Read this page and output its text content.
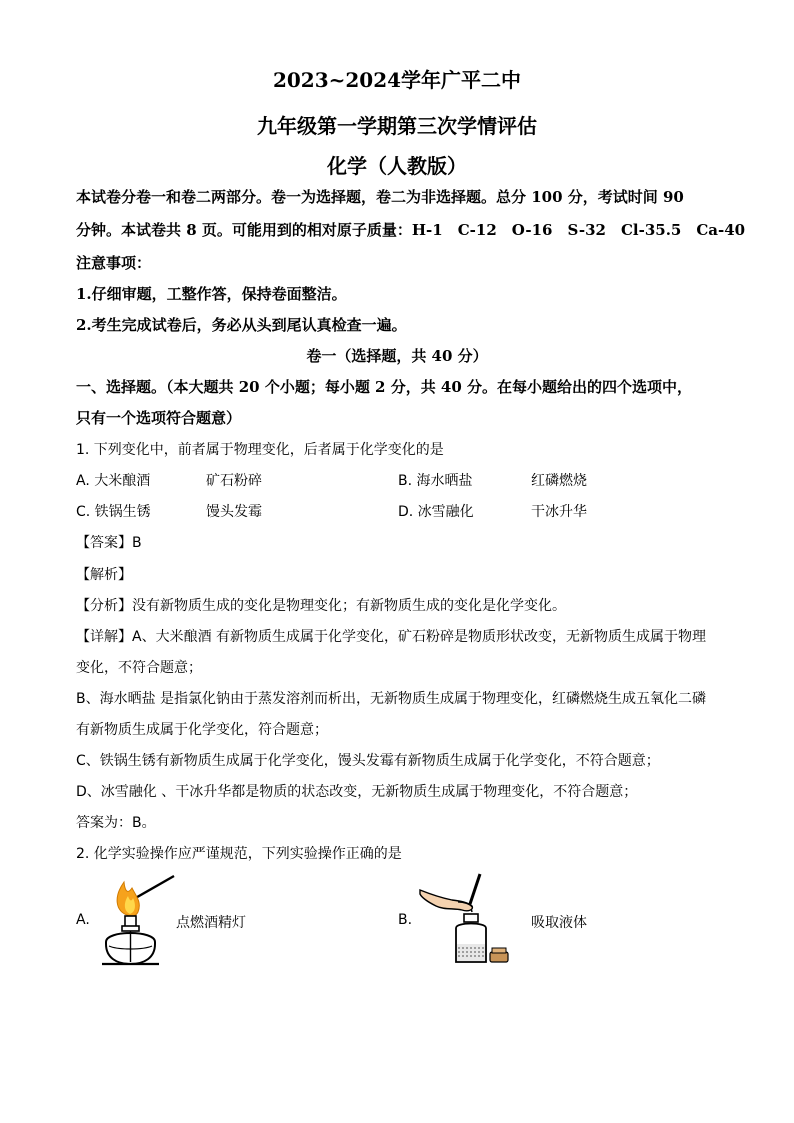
2023~2024学年广平二中
九年级第一学期第三次学情评估
化学（人教版）
本试卷分卷一和卷二两部分。卷一为选择题，卷二为非选择题。总分 100 分，考试时间 90
分钟。本试卷共 8 页。可能用到的相对原子质量：H-1　C-12　O-16　S-32　Cl-35.5　Ca-40
注意事项：
1.仔细审题，工整作答，保持卷面整洁。
2.考生完成试卷后，务必从头到尾认真检查一遍。
卷一（选择题，共 40 分）
一、选择题。（本大题共 20 个小题；每小题 2 分，共 40 分。在每小题给出的四个选项中，
只有一个选项符合题意）
1. 下列变化中，前者属于物理变化，后者属于化学变化的是
A. 大米酿酒	矿石粉碎	B. 海水晒盐	红磷燃烧
C. 铁锅生锈	馒头发霉	D. 冰雪融化	干冰升华
【答案】B
【解析】
【分析】没有新物质生成的变化是物理变化；有新物质生成的变化是化学变化。
【详解】A、大米酿酒 有新物质生成属于化学变化，矿石粉碎是物质形状改变，无新物质生成属于物理
变化，不符合题意；
B、海水晒盐 是指氯化钠由于蒸发溶剂而析出，无新物质生成属于物理变化，红磷燃烧生成五氧化二磷
有新物质生成属于化学变化，符合题意；
C、铁锅生锈有新物质生成属于化学变化，馒头发霉有新物质生成属于化学变化，不符合题意；
D、冰雪融化 、干冰升华都是物质的状态改变，无新物质生成属于物理变化，不符合题意；
答案为：B。
2. 化学实验操作应严谨规范，下列实验操作正确的是
A.	点燃酒精灯	B.	吸取液体
